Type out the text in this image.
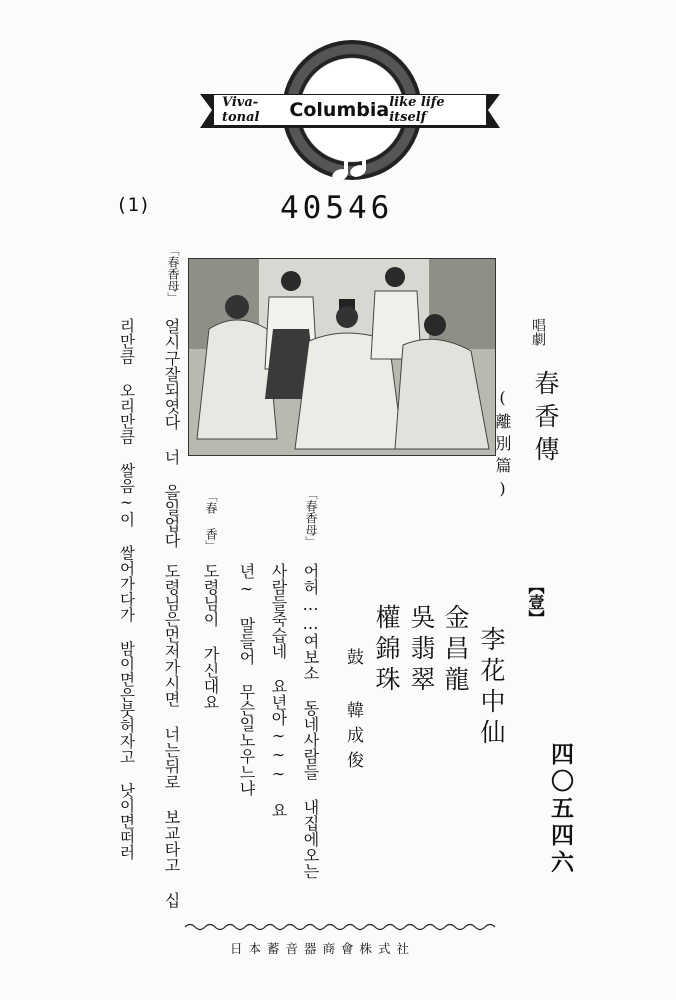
Viva-tonal	Columbia like life itself
(1)	40546
唱劇
春香傳
(離別篇)
【壹】
四〇五四六
李花中仙
金昌龍
吳翡翠
權錦珠
鼓 韓成俊
「春香母」
어허……여보소 동네사람들 내집에오는
사람들죽습네 요년아∼∼∼ 요
년∼ 말들어 무슨일노우느냐
「春 香」
도령님이 가신대요
도령님은먼저가시면 너는뒤로 보교타고 십
「春香母」
얼시구잘되엿다 너 을일업다
리만큼 오리만큼 쌀음∼이 쌀어가다가 밤이면은붓허자고 낫이면떠러
日本蓄音器商會株式社
